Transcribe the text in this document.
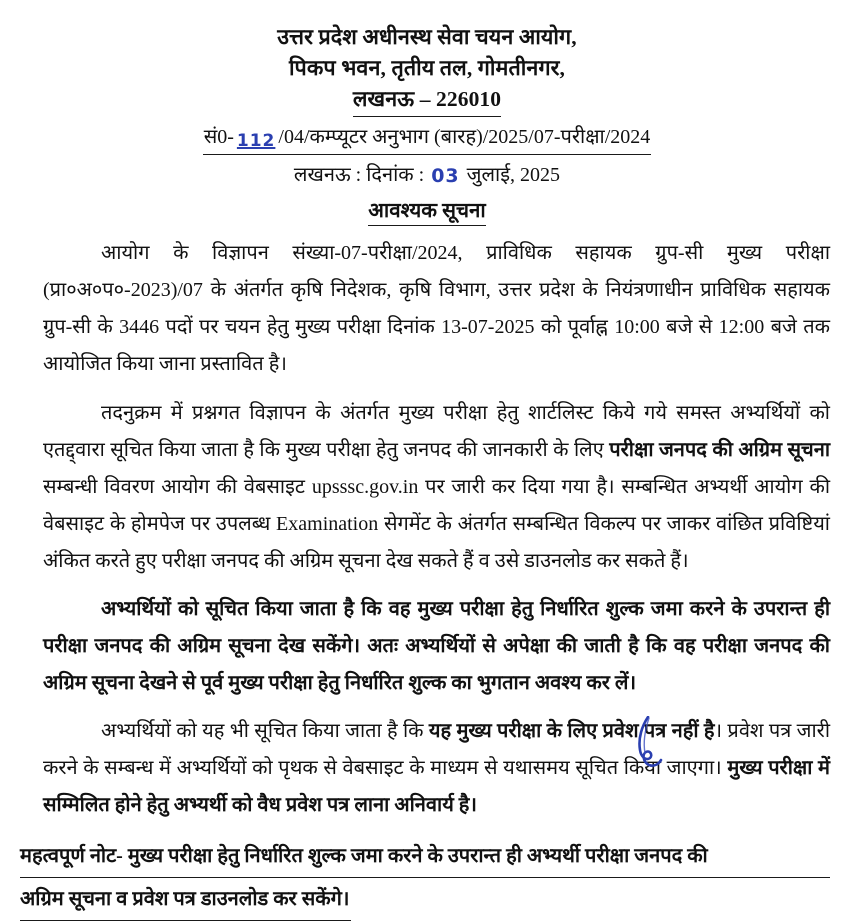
उत्तर प्रदेश अधीनस्थ सेवा चयन आयोग,
पिकप भवन, तृतीय तल, गोमतीनगर,
लखनऊ – 226010
सं0- 112 /04/कम्प्यूटर अनुभाग (बारह)/2025/07-परीक्षा/2024
लखनऊ : दिनांक : 03 जुलाई, 2025
आवश्यक सूचना

आयोग के विज्ञापन संख्या-07-परीक्षा/2024, प्राविधिक सहायक ग्रुप-सी मुख्य परीक्षा (प्रा०अ०प०-2023)/07 के अंतर्गत कृषि निदेशक, कृषि विभाग, उत्तर प्रदेश के नियंत्रणाधीन प्राविधिक सहायक ग्रुप-सी के 3446 पदों पर चयन हेतु मुख्य परीक्षा दिनांक 13-07-2025 को पूर्वाह्न 10:00 बजे से 12:00 बजे तक आयोजित किया जाना प्रस्तावित है।

तदनुक्रम में प्रश्नगत विज्ञापन के अंतर्गत मुख्य परीक्षा हेतु शार्टलिस्ट किये गये समस्त अभ्यर्थियों को एतद्द्वारा सूचित किया जाता है कि मुख्य परीक्षा हेतु जनपद की जानकारी के लिए परीक्षा जनपद की अग्रिम सूचना सम्बन्धी विवरण आयोग की वेबसाइट upsssc.gov.in पर जारी कर दिया गया है। सम्बन्धित अभ्यर्थी आयोग की वेबसाइट के होमपेज पर उपलब्ध Examination सेगमेंट के अंतर्गत सम्बन्धित विकल्प पर जाकर वांछित प्रविष्टियां अंकित करते हुए परीक्षा जनपद की अग्रिम सूचना देख सकते हैं व उसे डाउनलोड कर सकते हैं।

अभ्यर्थियों को सूचित किया जाता है कि वह मुख्य परीक्षा हेतु निर्धारित शुल्क जमा करने के उपरान्त ही परीक्षा जनपद की अग्रिम सूचना देख सकेंगे। अतः अभ्यर्थियों से अपेक्षा की जाती है कि वह परीक्षा जनपद की अग्रिम सूचना देखने से पूर्व मुख्य परीक्षा हेतु निर्धारित शुल्क का भुगतान अवश्य कर लें।

अभ्यर्थियों को यह भी सूचित किया जाता है कि यह मुख्य परीक्षा के लिए प्रवेश पत्र नहीं है। प्रवेश पत्र जारी करने के सम्बन्ध में अभ्यर्थियों को पृथक से वेबसाइट के माध्यम से यथासमय सूचित किया जाएगा। मुख्य परीक्षा में सम्मिलित होने हेतु अभ्यर्थी को वैध प्रवेश पत्र लाना अनिवार्य है।

महत्वपूर्ण नोट- मुख्य परीक्षा हेतु निर्धारित शुल्क जमा करने के उपरान्त ही अभ्यर्थी परीक्षा जनपद की
अग्रिम सूचना व प्रवेश पत्र डाउनलोड कर सकेंगे।
